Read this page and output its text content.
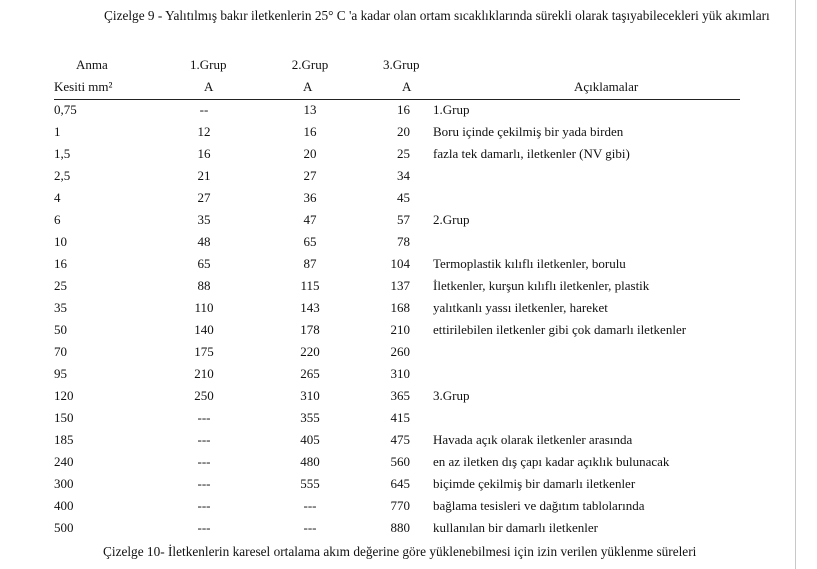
Çizelge 9 - Yalıtılmış bakır iletkenlerin 25° C 'a kadar olan ortam sıcaklıklarında sürekli olarak taşıyabilecekleri yük akımları
Anma	1.Grup	2.Grup	3.Grup
Kesiti mm²	A	A	A	Açıklamalar
0,75	--	13	16 1.Grup
1	12	16	20 Boru içinde çekilmiş bir yada birden
1,5	16	20	25 fazla tek damarlı, iletkenler (NV gibi)
2,5	21	27	34
4	27	36	45
6	35	47	57 2.Grup
10	48	65	78
16	65	87	104 Termoplastik kılıflı iletkenler, borulu
25	88	115	137 İletkenler, kurşun kılıflı iletkenler, plastik
35	110	143	168 yalıtkanlı yassı iletkenler, hareket
50	140	178	210 ettirilebilen iletkenler gibi çok damarlı iletkenler
70	175	220	260
95	210	265	310
120	250	310	365 3.Grup
150	---	355	415
185	---	405	475 Havada açık olarak iletkenler arasında
240	---	480	560 en az iletken dış çapı kadar açıklık bulunacak
300	---	555	645 biçimde çekilmiş bir damarlı iletkenler
400	---	---	770 bağlama tesisleri ve dağıtım tablolarında
500	---	---	880 kullanılan bir damarlı iletkenler
Çizelge 10- İletkenlerin karesel ortalama akım değerine göre yüklenebilmesi için izin verilen yüklenme süreleri
